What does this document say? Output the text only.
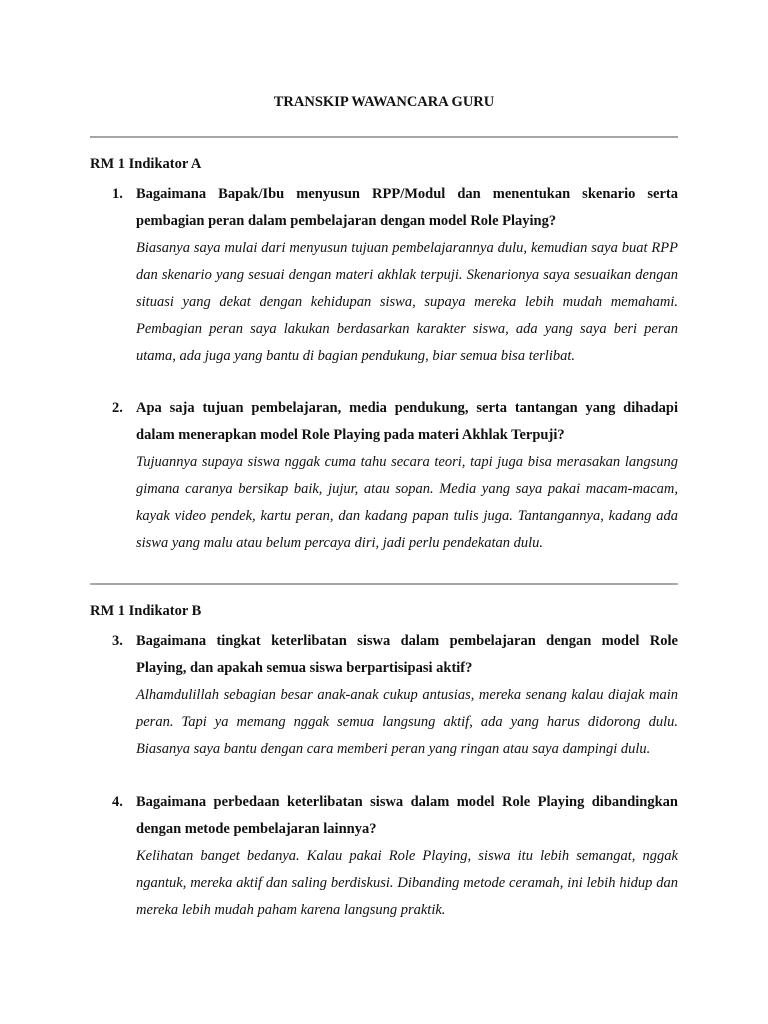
TRANSKIP WAWANCARA GURU
RM 1 Indikator A
1. Bagaimana Bapak/Ibu menyusun RPP/Modul dan menentukan skenario serta pembagian peran dalam pembelajaran dengan model Role Playing?
Biasanya saya mulai dari menyusun tujuan pembelajarannya dulu, kemudian saya buat RPP dan skenario yang sesuai dengan materi akhlak terpuji. Skenarionya saya sesuaikan dengan situasi yang dekat dengan kehidupan siswa, supaya mereka lebih mudah memahami. Pembagian peran saya lakukan berdasarkan karakter siswa, ada yang saya beri peran utama, ada juga yang bantu di bagian pendukung, biar semua bisa terlibat.
2. Apa saja tujuan pembelajaran, media pendukung, serta tantangan yang dihadapi dalam menerapkan model Role Playing pada materi Akhlak Terpuji?
Tujuannya supaya siswa nggak cuma tahu secara teori, tapi juga bisa merasakan langsung gimana caranya bersikap baik, jujur, atau sopan. Media yang saya pakai macam-macam, kayak video pendek, kartu peran, dan kadang papan tulis juga. Tantangannya, kadang ada siswa yang malu atau belum percaya diri, jadi perlu pendekatan dulu.
RM 1 Indikator B
3. Bagaimana tingkat keterlibatan siswa dalam pembelajaran dengan model Role Playing, dan apakah semua siswa berpartisipasi aktif?
Alhamdulillah sebagian besar anak-anak cukup antusias, mereka senang kalau diajak main peran. Tapi ya memang nggak semua langsung aktif, ada yang harus didorong dulu. Biasanya saya bantu dengan cara memberi peran yang ringan atau saya dampingi dulu.
4. Bagaimana perbedaan keterlibatan siswa dalam model Role Playing dibandingkan dengan metode pembelajaran lainnya?
Kelihatan banget bedanya. Kalau pakai Role Playing, siswa itu lebih semangat, nggak ngantuk, mereka aktif dan saling berdiskusi. Dibanding metode ceramah, ini lebih hidup dan mereka lebih mudah paham karena langsung praktik.
